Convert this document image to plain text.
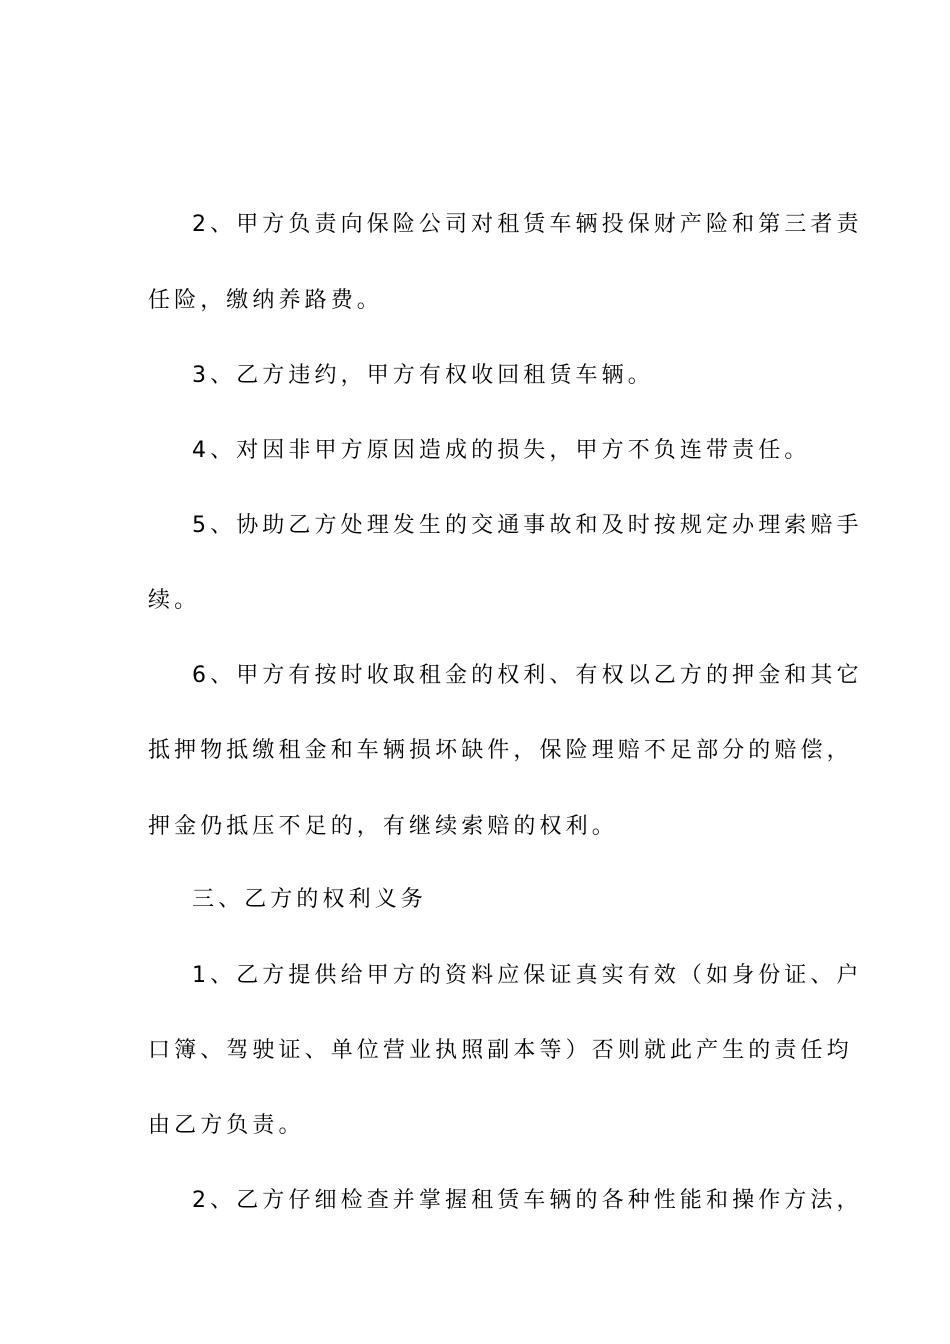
2、甲方负责向保险公司对租赁车辆投保财产险和第三者责
任险，缴纳养路费。
3、乙方违约，甲方有权收回租赁车辆。
4、对因非甲方原因造成的损失，甲方不负连带责任。
5、协助乙方处理发生的交通事故和及时按规定办理索赔手
续。
6、甲方有按时收取租金的权利、有权以乙方的押金和其它
抵押物抵缴租金和车辆损坏缺件，保险理赔不足部分的赔偿，
押金仍抵压不足的，有继续索赔的权利。
三、乙方的权利义务
1、乙方提供给甲方的资料应保证真实有效（如身份证、户
口簿、驾驶证、单位营业执照副本等）否则就此产生的责任均
由乙方负责。
2、乙方仔细检查并掌握租赁车辆的各种性能和操作方法，
